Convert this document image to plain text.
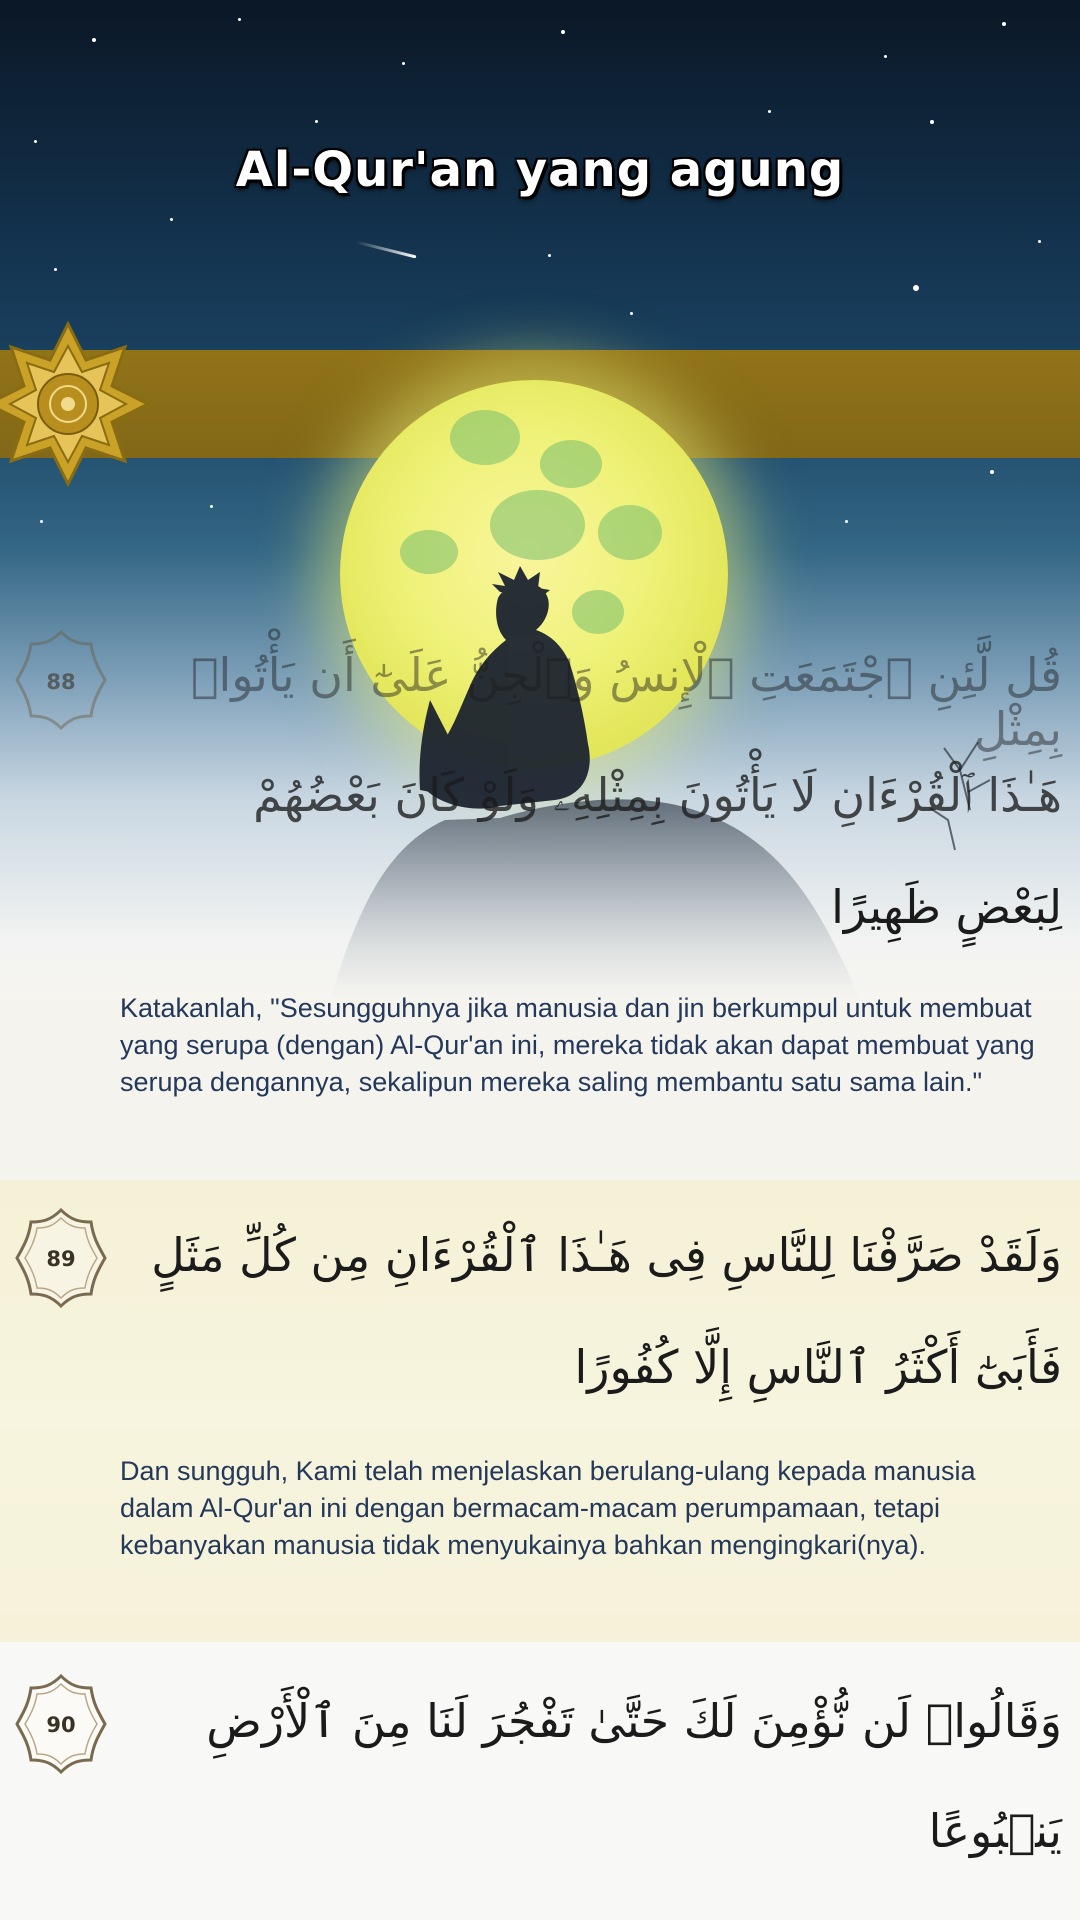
Al-Qur'an yang agung
88	قُل لَّئِنِ ٱجْتَمَعَتِ ٱلْإِنسُ وَٱلْجِنُّ عَلَىٰٓ أَن يَأْتُوا۟ بِمِثْلِ
هَـٰذَا ٱلْقُرْءَانِ لَا يَأْتُونَ بِمِثْلِهِۦ وَلَوْ كَانَ بَعْضُهُمْ
لِبَعْضٍ ظَهِيرًا
Katakanlah, "Sesungguhnya jika manusia dan jin berkumpul untuk membuat yang serupa (dengan) Al-Qur'an ini, mereka tidak akan dapat membuat yang serupa dengannya, sekalipun mereka saling membantu satu sama lain."
89	وَلَقَدْ صَرَّفْنَا لِلنَّاسِ فِى هَـٰذَا ٱلْقُرْءَانِ مِن كُلِّ مَثَلٍ
فَأَبَىٰٓ أَكْثَرُ ٱلنَّاسِ إِلَّا كُفُورًا
Dan sungguh, Kami telah menjelaskan berulang-ulang kepada manusia dalam Al-Qur'an ini dengan bermacam-macam perumpamaan, tetapi kebanyakan manusia tidak menyukainya bahkan mengingkari(nya).
90	وَقَالُوا۟ لَن نُّؤْمِنَ لَكَ حَتَّىٰ تَفْجُرَ لَنَا مِنَ ٱلْأَرْضِ
يَنۢبُوعًا
